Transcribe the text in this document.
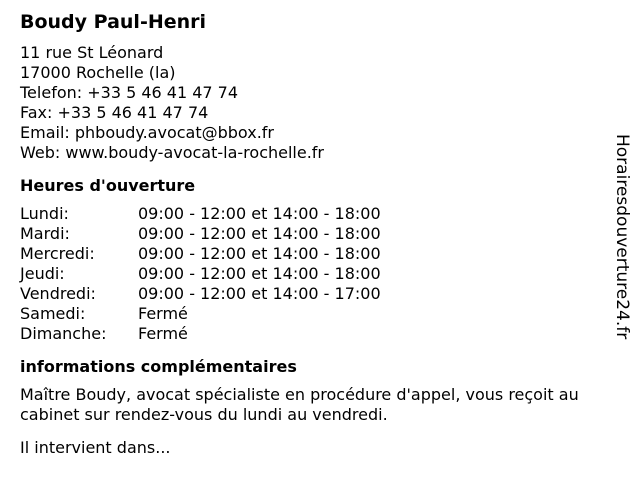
Boudy Paul-Henri
11 rue St Léonard
17000 Rochelle (la)
Telefon: +33 5 46 41 47 74
Fax: +33 5 46 41 47 74
Email: phboudy.avocat@bbox.fr
Web: www.boudy-avocat-la-rochelle.fr
Heures d'ouverture
Lundi:	09:00 - 12:00 et 14:00 - 18:00
Mardi:	09:00 - 12:00 et 14:00 - 18:00
Mercredi:	09:00 - 12:00 et 14:00 - 18:00
Jeudi:	09:00 - 12:00 et 14:00 - 18:00
Vendredi:	09:00 - 12:00 et 14:00 - 17:00
Samedi:	Fermé
Dimanche:	Fermé
informations complémentaires
Maître Boudy, avocat spécialiste en procédure d'appel, vous reçoit au cabinet sur rendez-vous du lundi au vendredi.
Il intervient dans...
Horairesdouverture24.fr
